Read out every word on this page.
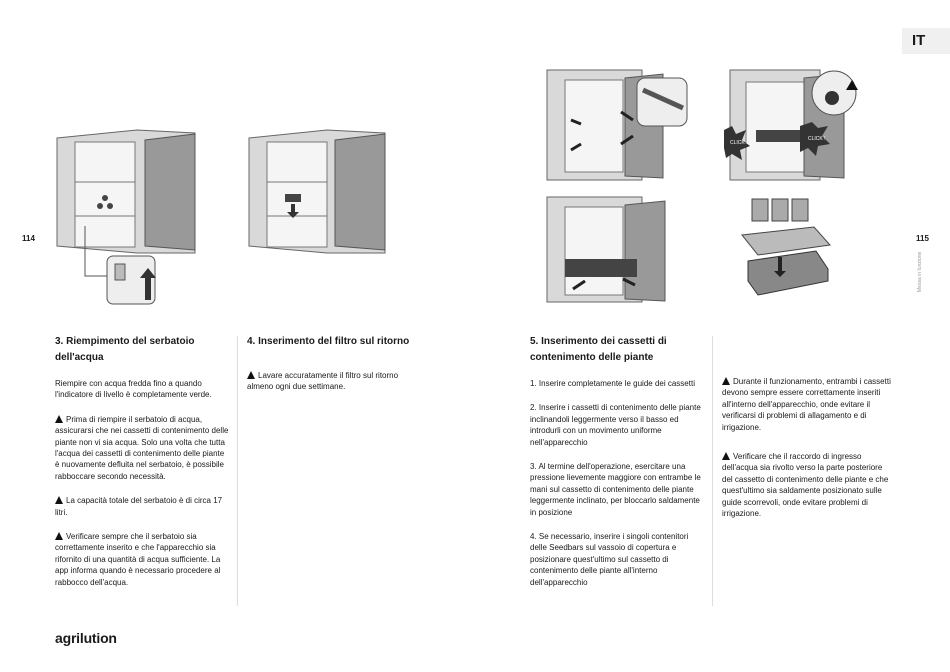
IT
114	115
Messa in funzione
CLICK !
CLICK !
3. Riempimento del serbatoio dell'acqua

Riempire con acqua fredda fino a quando l'indicatore di livello è completamente verde.

Prima di riempire il serbatoio di acqua, assicurarsi che nei cassetti di contenimento delle piante non vi sia acqua. Solo una volta che tutta l'acqua dei cassetti di contenimento delle piante è nuovamente defluita nel serbatoio, è possibile rabboccare secondo necessità.

La capacità totale del serbatoio è di circa 17 litri.

Verificare sempre che il serbatoio sia correttamente inserito e che l'apparecchio sia rifornito di una quantità di acqua sufficiente. La app informa quando è necessario procedere al rabbocco dell'acqua.

4. Inserimento del filtro sul ritorno

Lavare accuratamente il filtro sul ritorno almeno ogni due settimane.

5. Inserimento dei cassetti di contenimento delle piante

1. Inserire completamente le guide dei cassetti

2. Inserire i cassetti di contenimento delle piante inclinandoli leggermente verso il basso ed introdurli con un movimento uniforme nell'apparecchio

3. Al termine dell'operazione, esercitare una pressione lievemente maggiore con entrambe le mani sul cassetto di contenimento delle piante leggermente inclinato, per bloccarlo saldamente in posizione

4. Se necessario, inserire i singoli contenitori delle Seedbars sul vassoio di copertura e posizionare quest'ultimo sul cassetto di contenimento delle piante all'interno dell'apparecchio

Durante il funzionamento, entrambi i cassetti devono sempre essere correttamente inseriti all'interno dell'apparecchio, onde evitare il verificarsi di problemi di allagamento e di irrigazione.

Verificare che il raccordo di ingresso dell'acqua sia rivolto verso la parte posteriore del cassetto di contenimento delle piante e che quest'ultimo sia saldamente posizionato sulle guide scorrevoli, onde evitare problemi di irrigazione.

agrilution
